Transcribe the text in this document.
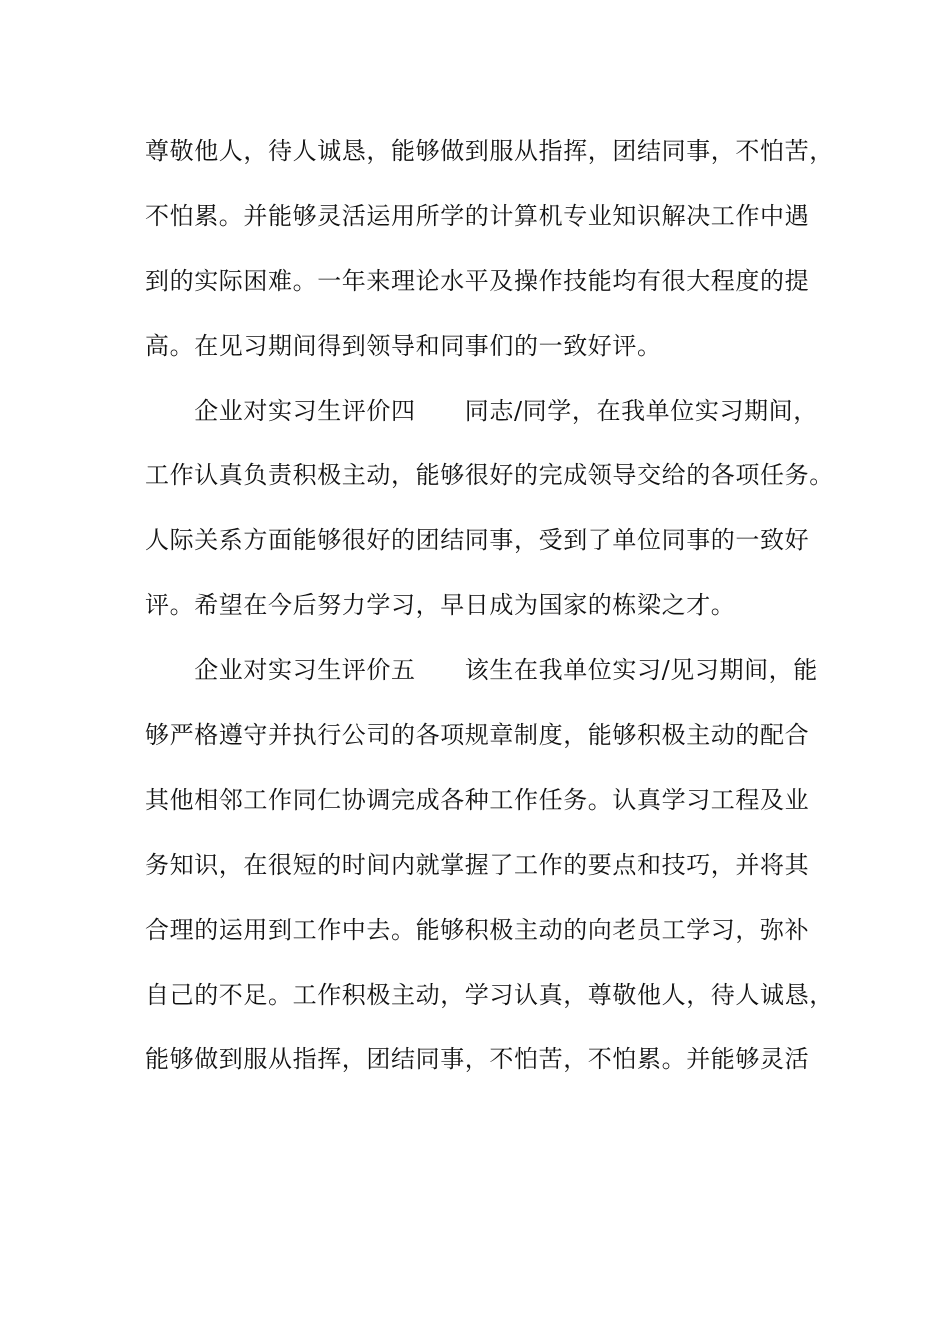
尊敬他人，待人诚恳，能够做到服从指挥，团结同事，不怕苦，
不怕累。并能够灵活运用所学的计算机专业知识解决工作中遇
到的实际困难。一年来理论水平及操作技能均有很大程度的提
高。在见习期间得到领导和同事们的一致好评。
　　企业对实习生评价四　　同志/同学，在我单位实习期间，
工作认真负责积极主动，能够很好的完成领导交给的各项任务。
人际关系方面能够很好的团结同事，受到了单位同事的一致好
评。希望在今后努力学习，早日成为国家的栋梁之才。
　　企业对实习生评价五　　该生在我单位实习/见习期间，能
够严格遵守并执行公司的各项规章制度，能够积极主动的配合
其他相邻工作同仁协调完成各种工作任务。认真学习工程及业
务知识，在很短的时间内就掌握了工作的要点和技巧，并将其
合理的运用到工作中去。能够积极主动的向老员工学习，弥补
自己的不足。工作积极主动，学习认真，尊敬他人，待人诚恳，
能够做到服从指挥，团结同事，不怕苦，不怕累。并能够灵活
